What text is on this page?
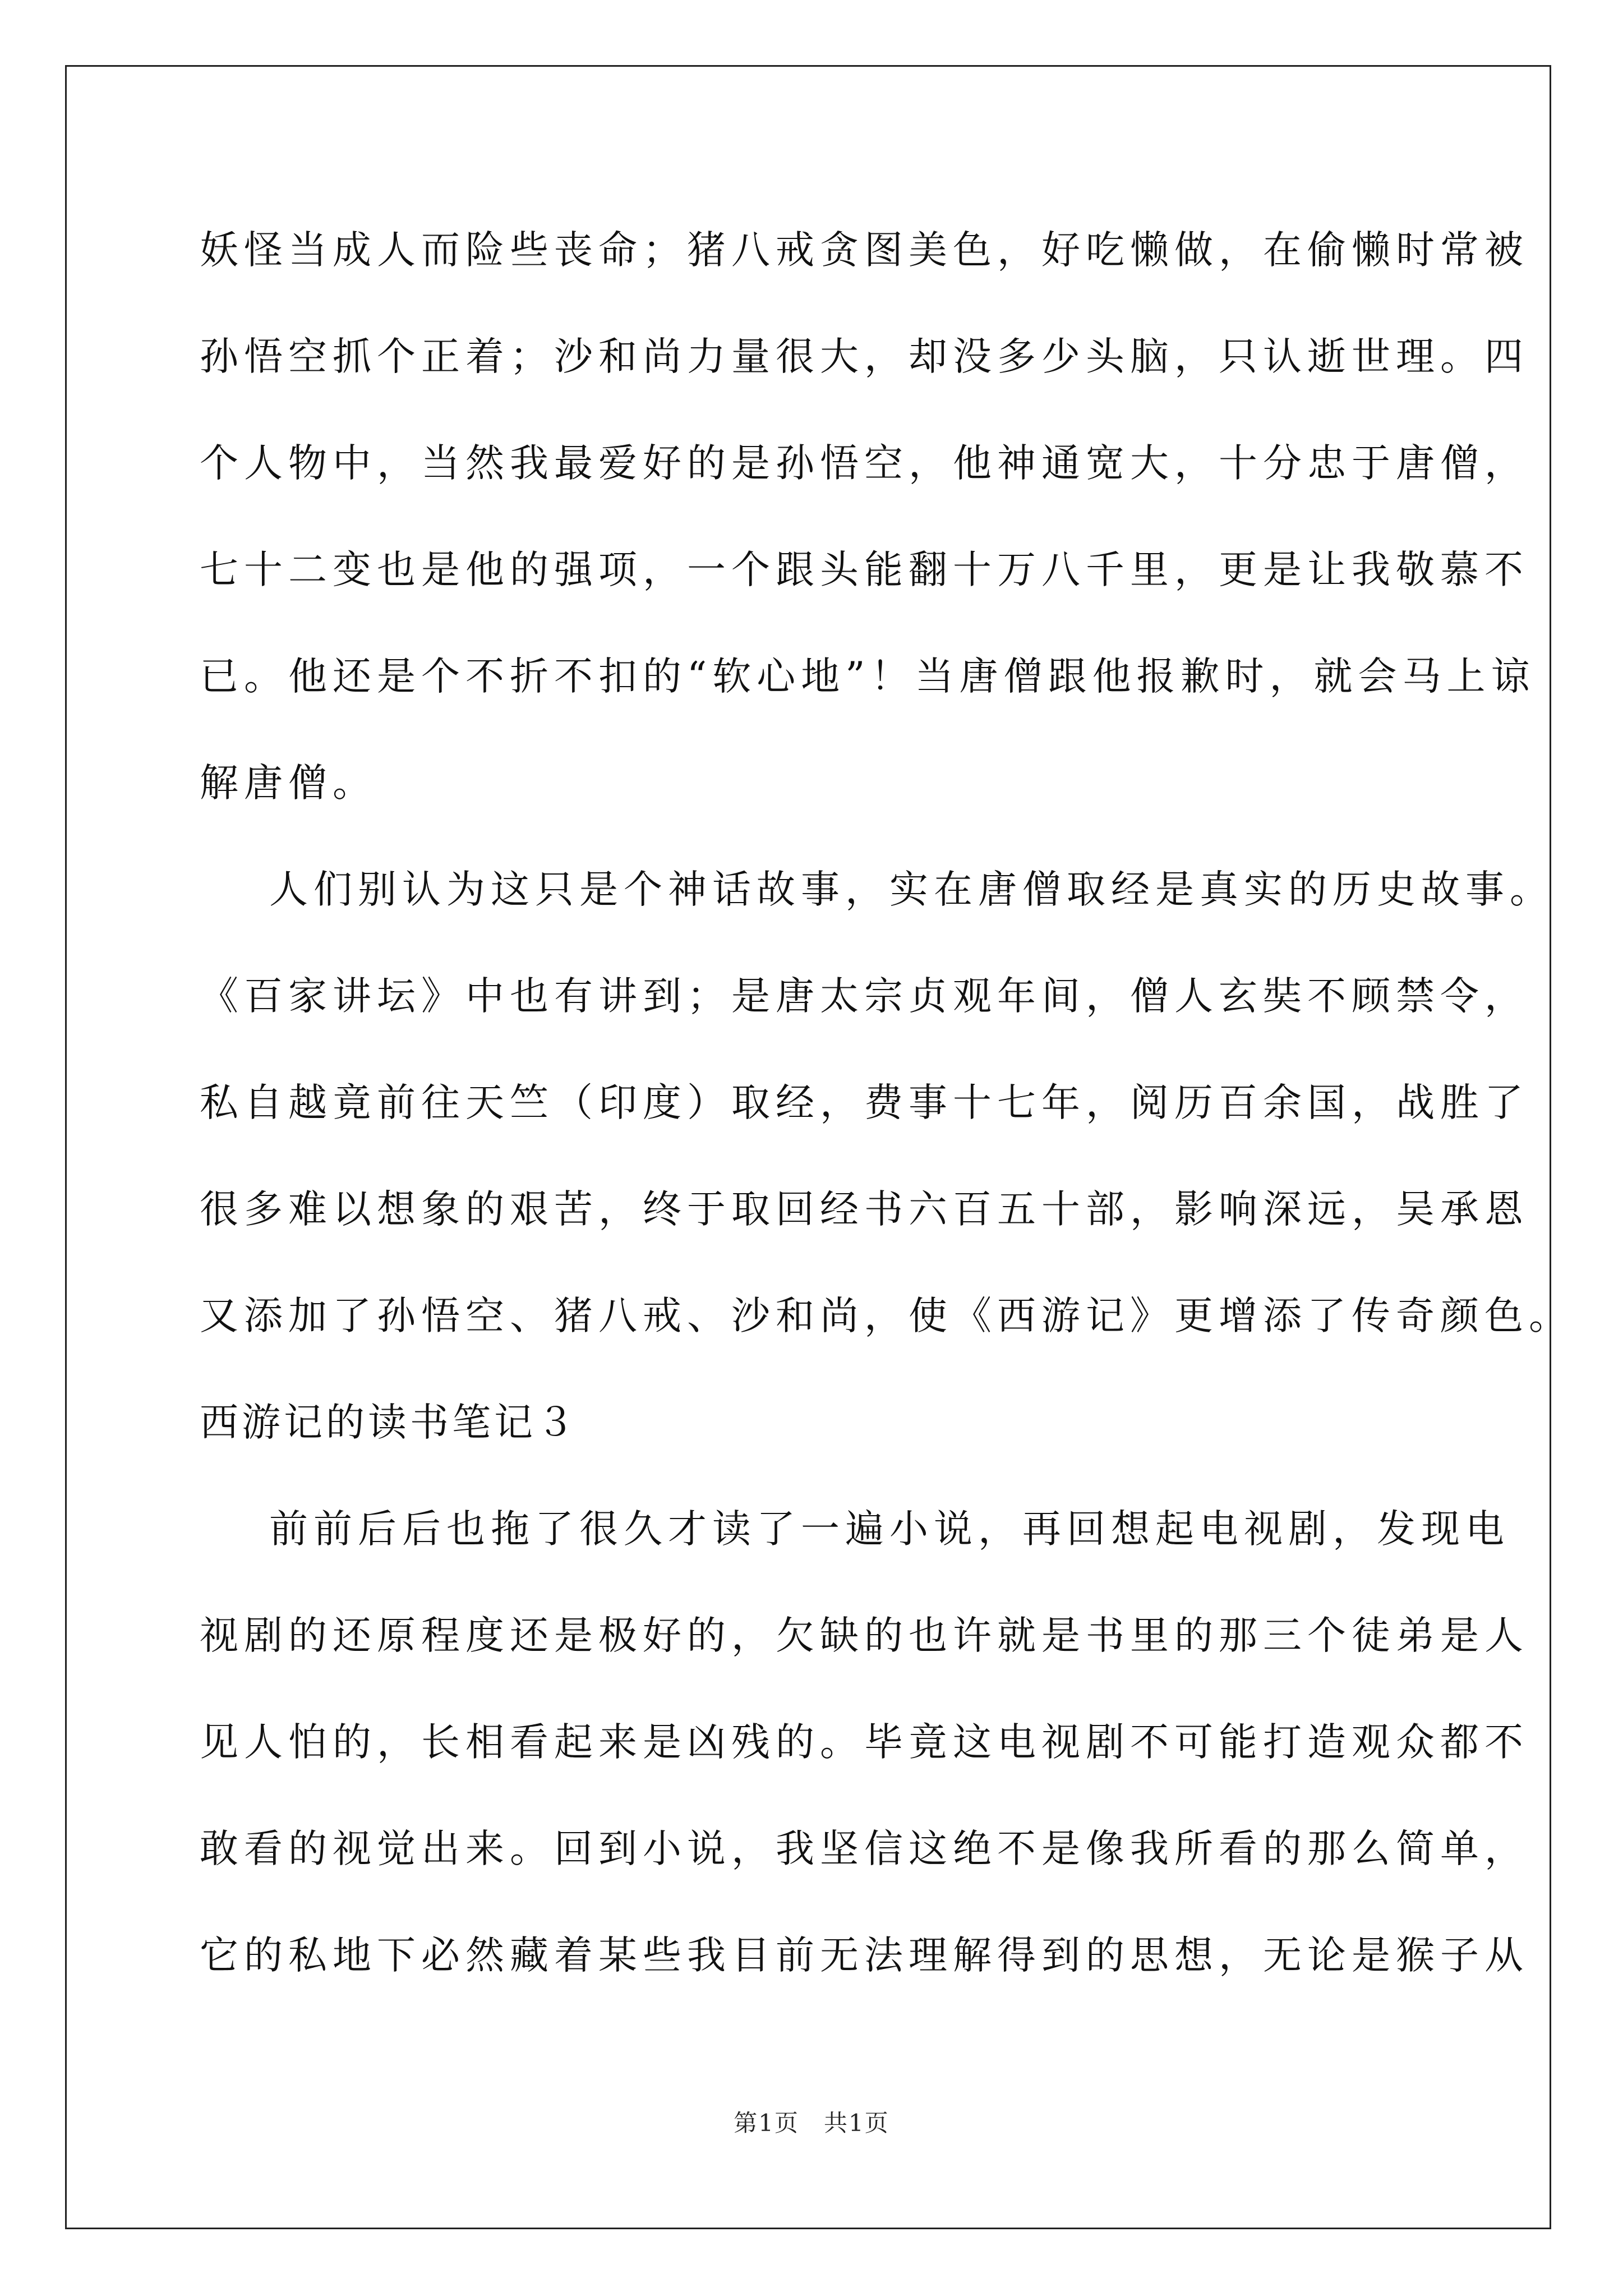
妖怪当成人而险些丧命；猪八戒贪图美色，好吃懒做，在偷懒时常被
孙悟空抓个正着；沙和尚力量很大，却没多少头脑，只认逝世理。四
个人物中，当然我最爱好的是孙悟空，他神通宽大，十分忠于唐僧，
七十二变也是他的强项，一个跟头能翻十万八千里，更是让我敬慕不
已。他还是个不折不扣的“软心地”！当唐僧跟他报歉时，就会马上谅
解唐僧。
人们别认为这只是个神话故事，实在唐僧取经是真实的历史故事。
《百家讲坛》中也有讲到；是唐太宗贞观年间，僧人玄奘不顾禁令，
私自越竟前往天竺（印度）取经，费事十七年，阅历百余国，战胜了
很多难以想象的艰苦，终于取回经书六百五十部，影响深远，吴承恩
又添加了孙悟空、猪八戒、沙和尚，使《西游记》更增添了传奇颜色。
西游记的读书笔记３
前前后后也拖了很久才读了一遍小说，再回想起电视剧，发现电
视剧的还原程度还是极好的，欠缺的也许就是书里的那三个徒弟是人
见人怕的，长相看起来是凶残的。毕竟这电视剧不可能打造观众都不
敢看的视觉出来。回到小说，我坚信这绝不是像我所看的那么简单，
它的私地下必然藏着某些我目前无法理解得到的思想，无论是猴子从
第1页　共1页
